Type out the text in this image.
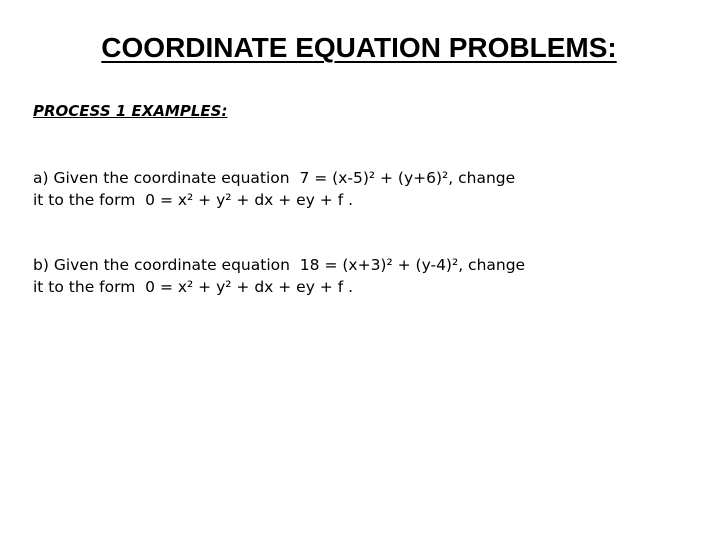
COORDINATE EQUATION PROBLEMS:

PROCESS 1 EXAMPLES:

a) Given the coordinate equation  7 = (x-5)² + (y+6)², change
it to the form  0 = x² + y² + dx + ey + f .
b) Given the coordinate equation  18 = (x+3)² + (y-4)², change
it to the form  0 = x² + y² + dx + ey + f .
